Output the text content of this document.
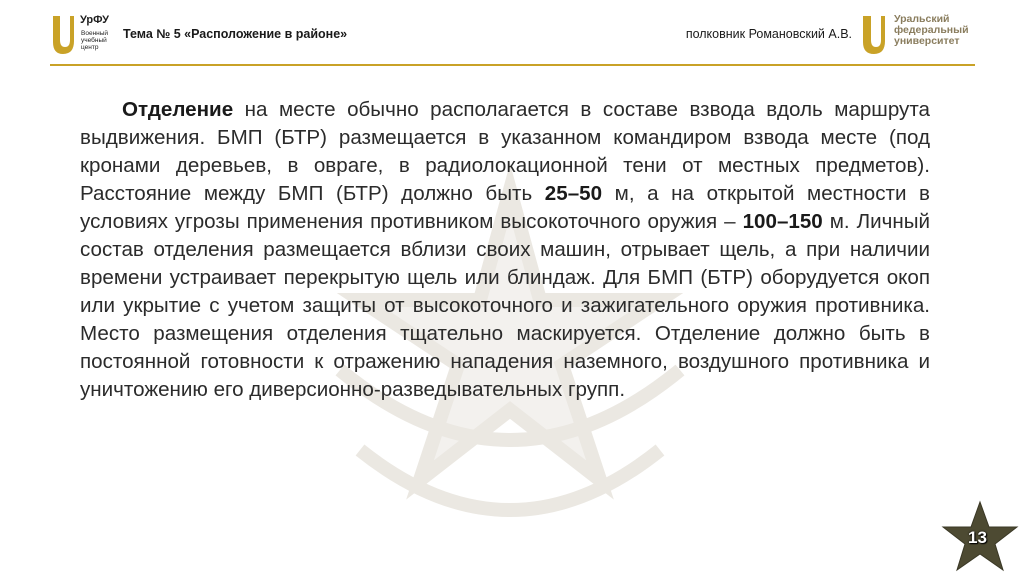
УрФУ
Военный учебный центр
Тема № 5 «Расположение в районе»	полковник Романовский А.В.
Уральский федеральный университет

Отделение на месте обычно располагается в составе взвода вдоль маршрута выдвижения. БМП (БТР) размещается в указанном командиром взвода месте (под кронами деревьев, в овраге, в радиолокационной тени от местных предметов). Расстояние между БМП (БТР) должно быть 25–50 м, а на открытой местности в условиях угрозы применения противником высокоточного оружия – 100–150 м. Личный состав отделения размещается вблизи своих машин, отрывает щель, а при наличии времени устраивает перекрытую щель или блиндаж. Для БМП (БТР) оборудуется окоп или укрытие с учетом защиты от высокоточного и зажигательного оружия противника. Место размещения отделения тщательно маскируется. Отделение должно быть в постоянной готовности к отражению нападения наземного, воздушного противника и уничтожению его диверсионно-разведывательных групп.

13
